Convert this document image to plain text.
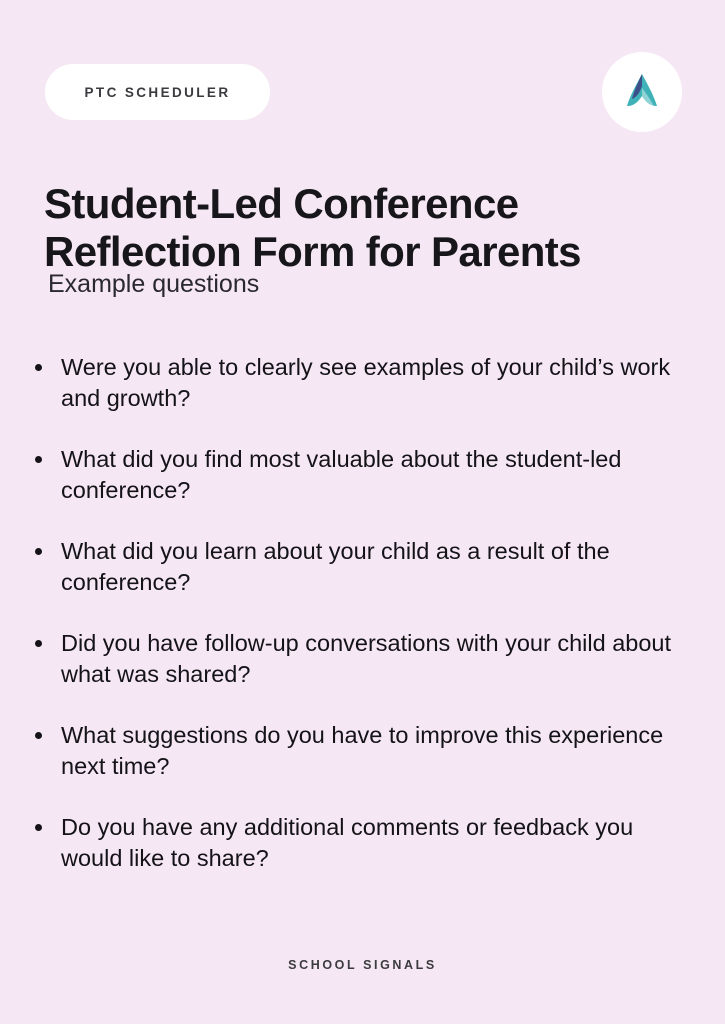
PTC SCHEDULER
Student-Led Conference Reflection Form for Parents
Example questions
Were you able to clearly see examples of your child’s work and growth?
What did you find most valuable about the student-led conference?
What did you learn about your child as a result of the conference?
Did you have follow-up conversations with your child about what was shared?
What suggestions do you have to improve this experience next time?
Do you have any additional comments or feedback you would like to share?
SCHOOL SIGNALS
